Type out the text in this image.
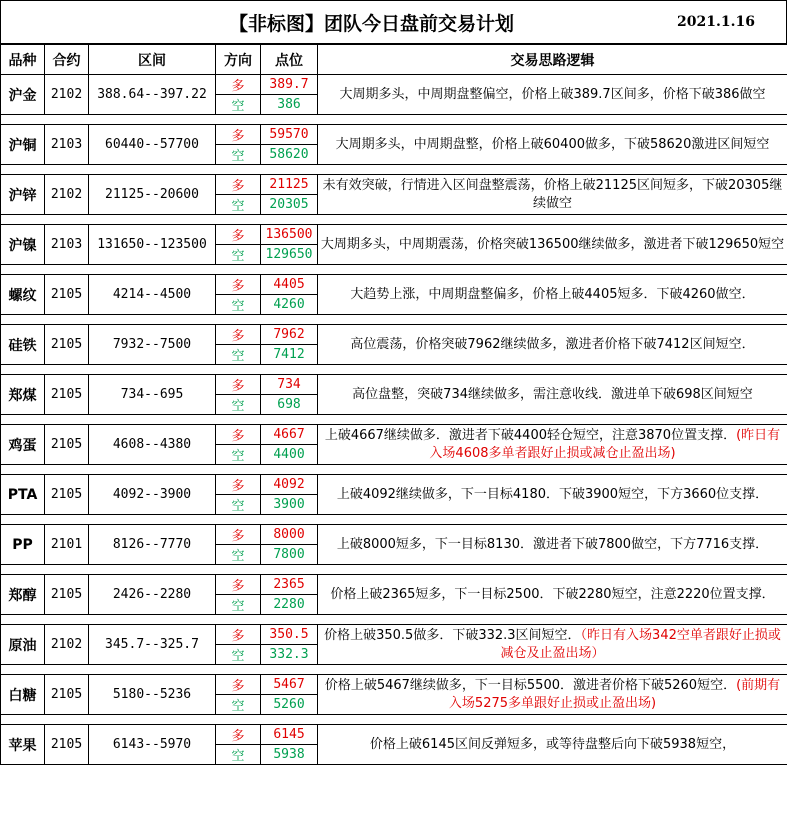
【非标图】团队今日盘前交易计划	2021.1.16
品种	合约	区间	方向	点位	交易思路逻辑
沪金	2102	388.64--397.22	多	389.7	大周期多头，中周期盘整偏空，价格上破389.7区间多，价格下破386做空
			空	386	

沪铜	2103	60440--57700	多	59570	大周期多头，中周期盘整，价格上破60400做多，下破58620激进区间短空
			空	58620	

沪锌	2102	21125--20600	多	21125	未有效突破，行情进入区间盘整震荡，价格上破21125区间短多，下破20305继续做空
			空	20305	

沪镍	2103	131650--123500	多	136500	大周期多头，中周期震荡，价格突破136500继续做多，激进者下破129650短空
			空	129650	

螺纹	2105	4214--4500	多	4405	大趋势上涨，中周期盘整偏多，价格上破4405短多．下破4260做空．
			空	4260	

硅铁	2105	7932--7500	多	7962	高位震荡，价格突破7962继续做多，激进者价格下破7412区间短空．
			空	7412	

郑煤	2105	734--695	多	734	高位盘整，突破734继续做多，需注意收线．激进单下破698区间短空
			空	698	

鸡蛋	2105	4608--4380	多	4667	上破4667继续做多．激进者下破4400轻仓短空，注意3870位置支撑．(昨日有入场4608多单者跟好止损或减仓止盈出场)
			空	4400	

PTA	2105	4092--3900	多	4092	上破4092继续做多，下一目标4180．下破3900短空，下方3660位支撑．
			空	3900	

PP	2101	8126--7770	多	8000	上破8000短多，下一目标8130．激进者下破7800做空，下方7716支撑．
			空	7800	

郑醇	2105	2426--2280	多	2365	价格上破2365短多，下一目标2500．下破2280短空，注意2220位置支撑．
			空	2280	

原油	2102	345.7--325.7	多	350.5	价格上破350.5做多．下破332.3区间短空．（昨日有入场342空单者跟好止损或减仓及止盈出场）
			空	332.3	

白糖	2105	5180--5236	多	5467	价格上破5467继续做多，下一目标5500．激进者价格下破5260短空．(前期有入场5275多单跟好止损或止盈出场)
			空	5260	

苹果	2105	6143--5970	多	6145	价格上破6145区间反弹短多，或等待盘整后向下破5938短空，
			空	5938	
